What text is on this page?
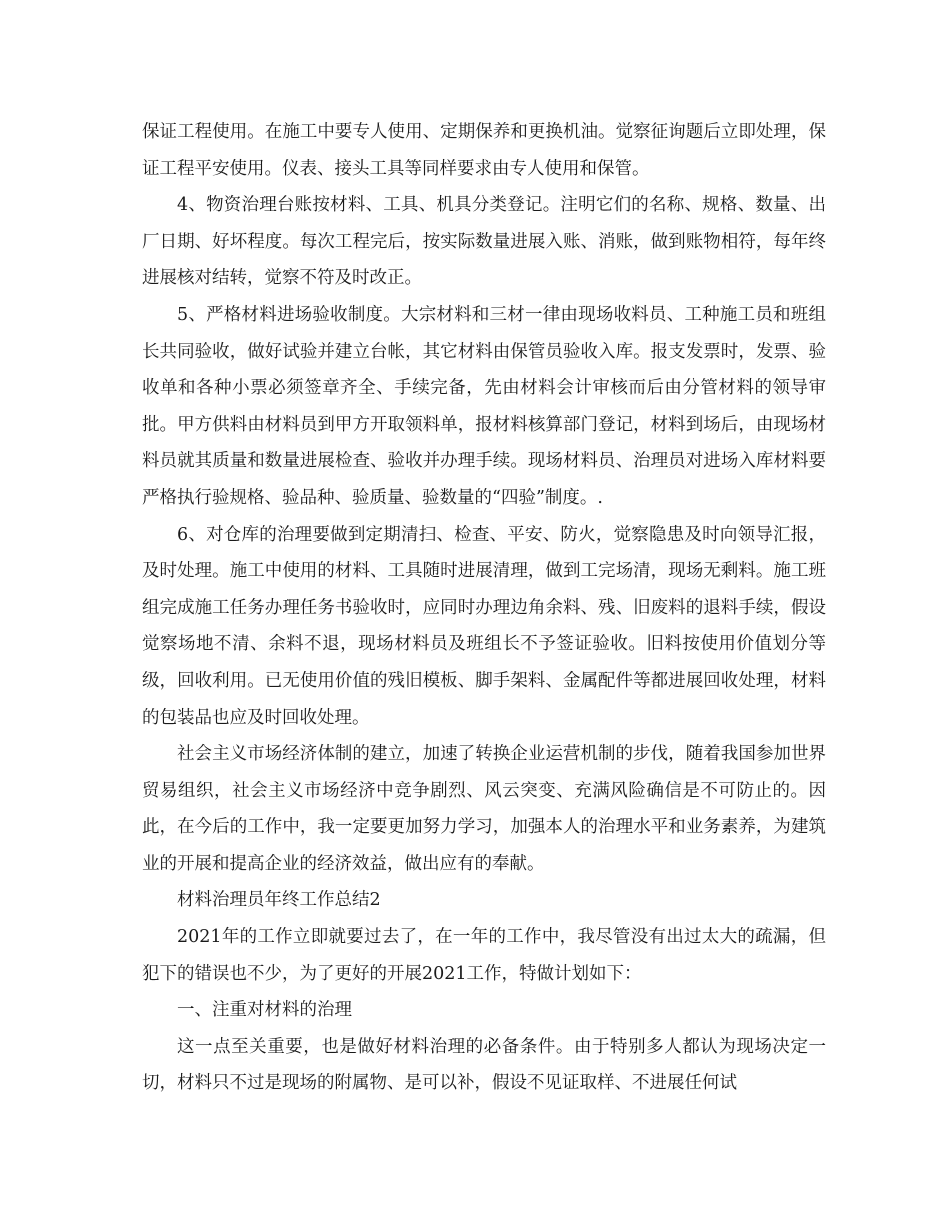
保证工程使用。在施工中要专人使用、定期保养和更换机油。觉察征询题后立即处理，保证工程平安使用。仪表、接头工具等同样要求由专人使用和保管。

4、物资治理台账按材料、工具、机具分类登记。注明它们的名称、规格、数量、出厂日期、好坏程度。每次工程完后，按实际数量进展入账、消账，做到账物相符，每年终进展核对结转，觉察不符及时改正。

5、严格材料进场验收制度。大宗材料和三材一律由现场收料员、工种施工员和班组长共同验收，做好试验并建立台帐，其它材料由保管员验收入库。报支发票时，发票、验收单和各种小票必须签章齐全、手续完备，先由材料会计审核而后由分管材料的领导审批。甲方供料由材料员到甲方开取领料单，报材料核算部门登记，材料到场后，由现场材料员就其质量和数量进展检查、验收并办理手续。现场材料员、治理员对进场入库材料要严格执行验规格、验品种、验质量、验数量的“四验”制度。.

6、对仓库的治理要做到定期清扫、检查、平安、防火，觉察隐患及时向领导汇报，及时处理。施工中使用的材料、工具随时进展清理，做到工完场清，现场无剩料。施工班组完成施工任务办理任务书验收时，应同时办理边角余料、残、旧废料的退料手续，假设觉察场地不清、余料不退，现场材料员及班组长不予签证验收。旧料按使用价值划分等级，回收利用。已无使用价值的残旧模板、脚手架料、金属配件等都进展回收处理，材料的包装品也应及时回收处理。

社会主义市场经济体制的建立，加速了转换企业运营机制的步伐，随着我国参加世界贸易组织，社会主义市场经济中竞争剧烈、风云突变、充满风险确信是不可防止的。因此，在今后的工作中，我一定要更加努力学习，加强本人的治理水平和业务素养，为建筑业的开展和提高企业的经济效益，做出应有的奉献。

材料治理员年终工作总结2

2021年的工作立即就要过去了，在一年的工作中，我尽管没有出过太大的疏漏，但犯下的错误也不少，为了更好的开展2021工作，特做计划如下：

一、注重对材料的治理

这一点至关重要，也是做好材料治理的必备条件。由于特别多人都认为现场决定一切，材料只不过是现场的附属物、是可以补，假设不见证取样、不进展任何试
